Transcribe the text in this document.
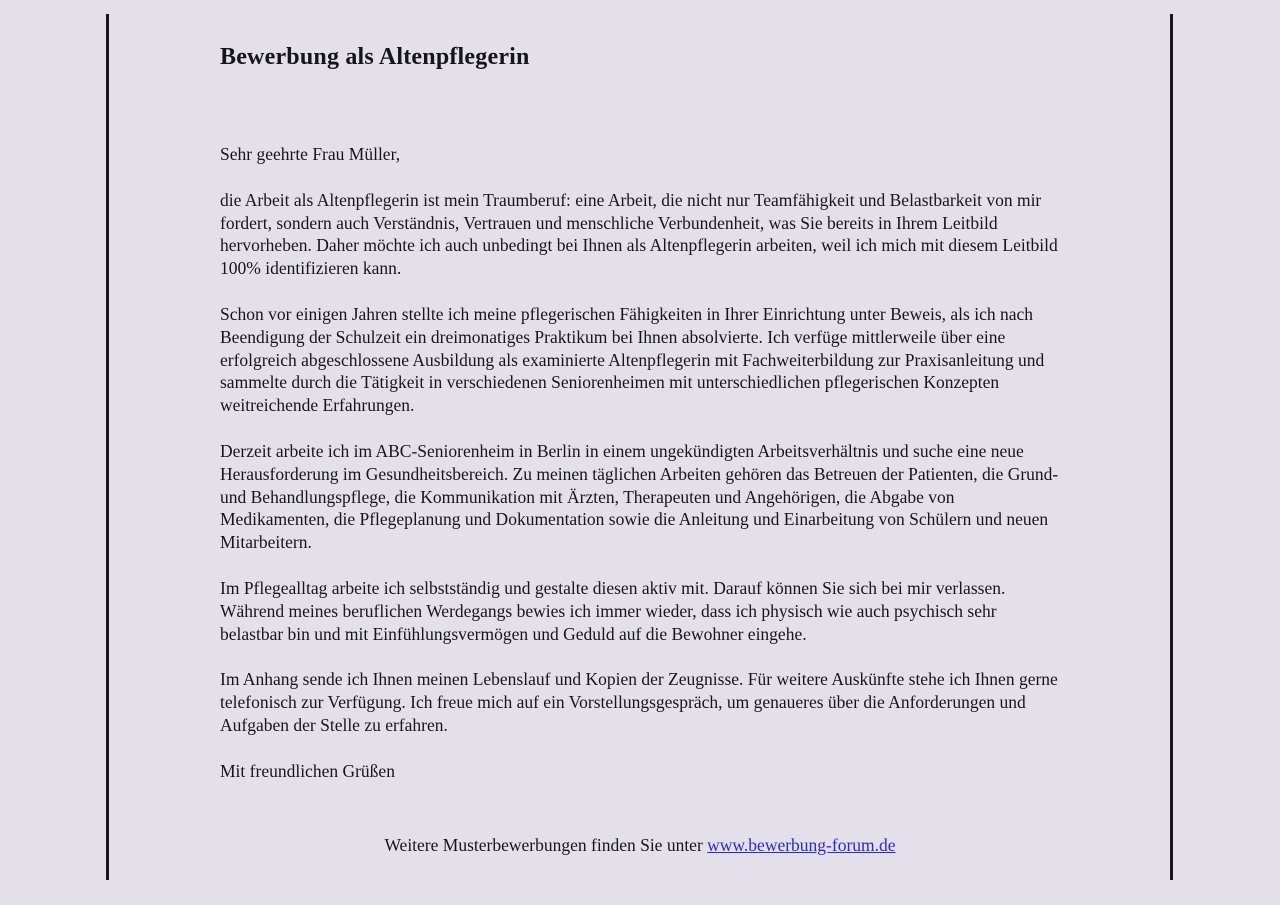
Bewerbung als Altenpflegerin

Sehr geehrte Frau Müller,

die Arbeit als Altenpflegerin ist mein Traumberuf: eine Arbeit, die nicht nur Teamfähigkeit und Belastbarkeit von mir fordert, sondern auch Verständnis, Vertrauen und menschliche Verbundenheit, was Sie bereits in Ihrem Leitbild hervorheben. Daher möchte ich auch unbedingt bei Ihnen als Altenpflegerin arbeiten, weil ich mich mit diesem Leitbild 100% identifizieren kann.

Schon vor einigen Jahren stellte ich meine pflegerischen Fähigkeiten in Ihrer Einrichtung unter Beweis, als ich nach Beendigung der Schulzeit ein dreimonatiges Praktikum bei Ihnen absolvierte. Ich verfüge mittlerweile über eine erfolgreich abgeschlossene Ausbildung als examinierte Altenpflegerin mit Fachweiterbildung zur Praxisanleitung und sammelte durch die Tätigkeit in verschiedenen Seniorenheimen mit unterschiedlichen pflegerischen Konzepten weitreichende Erfahrungen.

Derzeit arbeite ich im ABC-Seniorenheim in Berlin in einem ungekündigten Arbeitsverhältnis und suche eine neue Herausforderung im Gesundheitsbereich. Zu meinen täglichen Arbeiten gehören das Betreuen der Patienten, die Grund- und Behandlungspflege, die Kommunikation mit Ärzten, Therapeuten und Angehörigen, die Abgabe von Medikamenten, die Pflegeplanung und Dokumentation sowie die Anleitung und Einarbeitung von Schülern und neuen Mitarbeitern.

Im Pflegealltag arbeite ich selbstständig und gestalte diesen aktiv mit. Darauf können Sie sich bei mir verlassen. Während meines beruflichen Werdegangs bewies ich immer wieder, dass ich physisch wie auch psychisch sehr belastbar bin und mit Einfühlungsvermögen und Geduld auf die Bewohner eingehe.

Im Anhang sende ich Ihnen meinen Lebenslauf und Kopien der Zeugnisse. Für weitere Auskünfte stehe ich Ihnen gerne telefonisch zur Verfügung. Ich freue mich auf ein Vorstellungsgespräch, um genaueres über die Anforderungen und Aufgaben der Stelle zu erfahren.

Mit freundlichen Grüßen

Weitere Musterbewerbungen finden Sie unter www.bewerbung-forum.de
